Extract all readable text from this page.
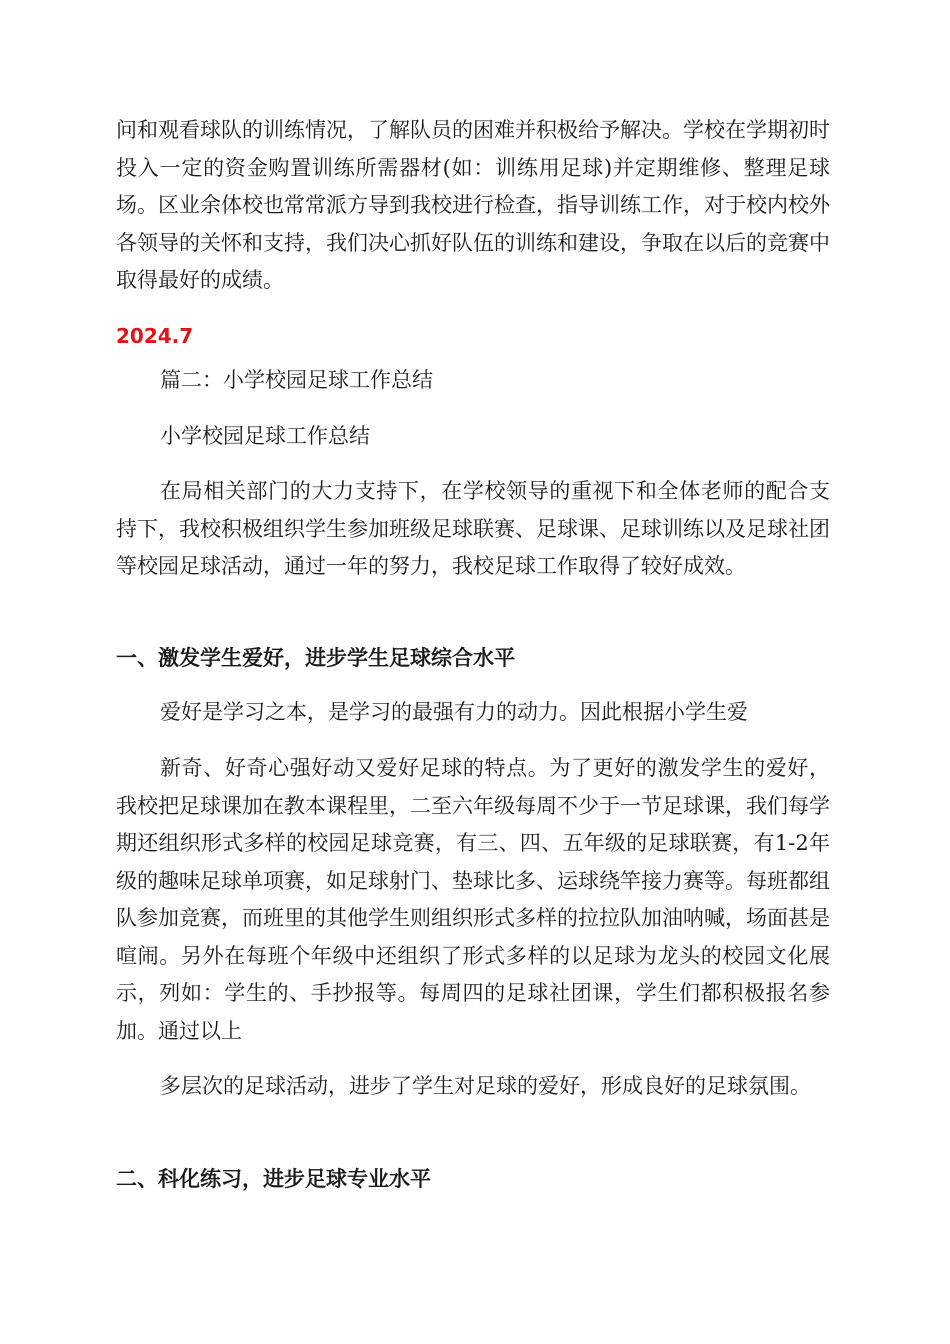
问和观看球队的训练情况，了解队员的困难并积极给予解决。学校在学期初时投入一定的资金购置训练所需器材(如：训练用足球)并定期维修、整理足球场。区业余体校也常常派方导到我校进行检查，指导训练工作，对于校内校外各领导的关怀和支持，我们决心抓好队伍的训练和建设，争取在以后的竞赛中取得最好的成绩。

2024.7

篇二：小学校园足球工作总结

小学校园足球工作总结

在局相关部门的大力支持下，在学校领导的重视下和全体老师的配合支持下，我校积极组织学生参加班级足球联赛、足球课、足球训练以及足球社团等校园足球活动，通过一年的努力，我校足球工作取得了较好成效。

一、激发学生爱好，进步学生足球综合水平

爱好是学习之本，是学习的最强有力的动力。因此根据小学生爱

新奇、好奇心强好动又爱好足球的特点。为了更好的激发学生的爱好，我校把足球课加在教本课程里，二至六年级每周不少于一节足球课，我们每学期还组织形式多样的校园足球竞赛，有三、四、五年级的足球联赛，有1-2年级的趣味足球单项赛，如足球射门、垫球比多、运球绕竿接力赛等。每班都组队参加竞赛，而班里的其他学生则组织形式多样的拉拉队加油呐喊，场面甚是喧闹。另外在每班个年级中还组织了形式多样的以足球为龙头的校园文化展示，列如：学生的、手抄报等。每周四的足球社团课，学生们都积极报名参加。通过以上

多层次的足球活动，进步了学生对足球的爱好，形成良好的足球氛围。

二、科化练习，进步足球专业水平
